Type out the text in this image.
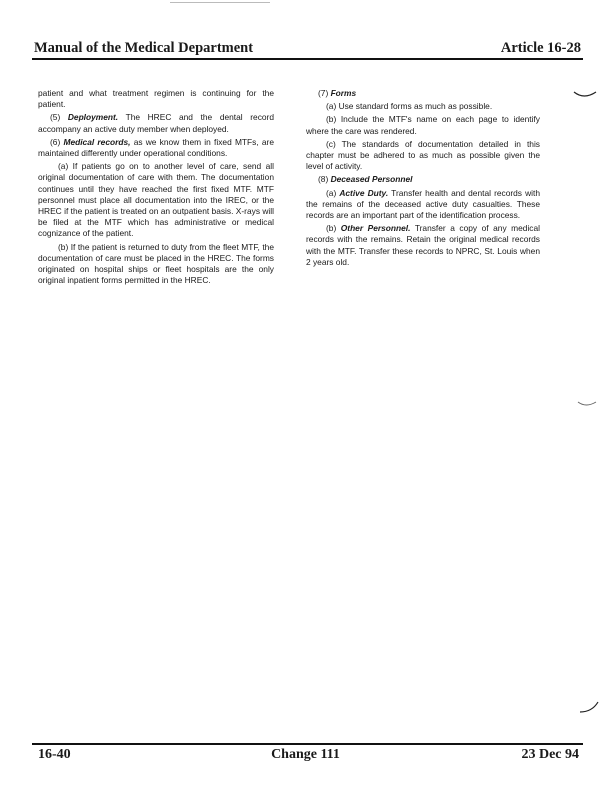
Manual of the Medical Department	Article 16-28

patient and what treatment regimen is continuing for the patient.

(5) Deployment. The HREC and the dental record accompany an active duty member when deployed.

(6) Medical records, as we know them in fixed MTFs, are maintained differently under operational conditions.

(a) If patients go on to another level of care, send all original documentation of care with them. The documentation continues until they have reached the first fixed MTF. MTF personnel must place all documentation into the IREC, or the HREC if the patient is treated on an outpatient basis. X-rays will be filed at the MTF which has administrative or medical cognizance of the patient.

(b) If the patient is returned to duty from the fleet MTF, the documentation of care must be placed in the HREC. The forms originated on hospital ships or fleet hospitals are the only original inpatient forms permitted in the HREC.

(7) Forms

(a) Use standard forms as much as possible.

(b) Include the MTF's name on each page to identify where the care was rendered.

(c) The standards of documentation detailed in this chapter must be adhered to as much as possible given the level of activity.

(8) Deceased Personnel

(a) Active Duty. Transfer health and dental records with the remains of the deceased active duty casualties. These records are an important part of the identification process.

(b) Other Personnel. Transfer a copy of any medical records with the remains. Retain the original medical records with the MTF. Transfer these records to NPRC, St. Louis when 2 years old.

16-40	Change 111	23 Dec 94
